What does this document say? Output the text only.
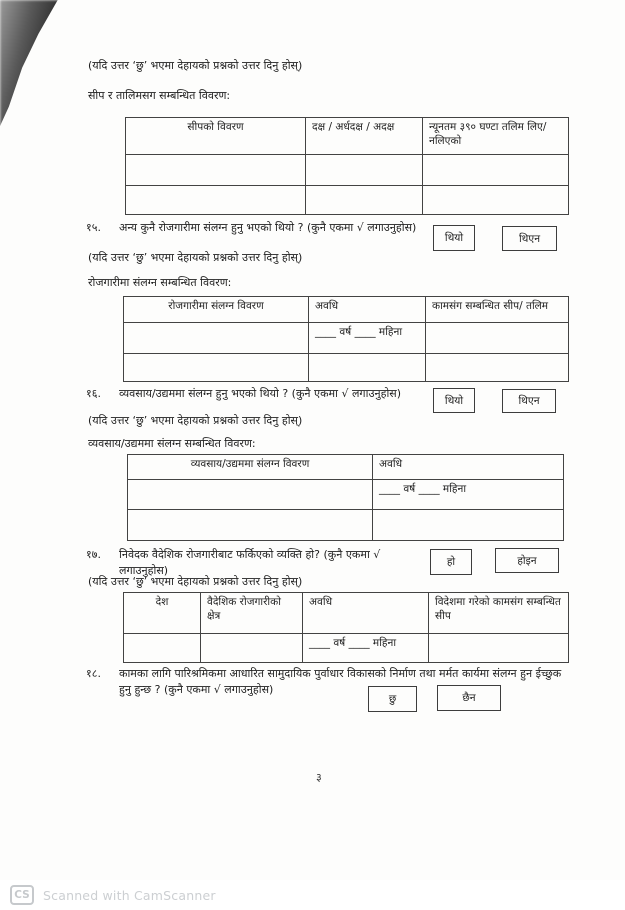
(यदि उत्तर ‘छु’ भएमा देहायको प्रश्नको उत्तर दिनु होस्)
सीप र तालिमसग सम्बन्धित विवरण:
सीपको विवरण	दक्ष / अर्धदक्ष / अदक्ष	न्यूनतम ३९० घण्टा तलिम लिए/नलिएको

१५.	अन्य कुनै रोजगारीमा संलग्न हुनु भएको थियो ? (कुनै एकमा √ लगाउनुहोस)
थियो	थिएन
(यदि उत्तर ‘छु’ भएमा देहायको प्रश्नको उत्तर दिनु होस्)
रोजगारीमा संलग्न सम्बन्धित विवरण:
रोजगारीमा संलग्न विवरण	अवधि	कामसंग सम्बन्धित सीप/ तलिम
	____ वर्ष ____ महिना	

१६.	व्यवसाय/उद्यममा संलग्न हुनु भएको थियो ? (कुनै एकमा √ लगाउनुहोस)
थियो	थिएन
(यदि उत्तर ‘छु’ भएमा देहायको प्रश्नको उत्तर दिनु होस्)
व्यवसाय/उद्यममा संलग्न सम्बन्धित विवरण:
व्यवसाय/उद्यममा संलग्न विवरण	अवधि
	____ वर्ष ____ महिना

१७.	निवेदक वैदेशिक रोजगारीबाट फर्किएको व्यक्ति हो? (कुनै एकमा √ लगाउनुहोस)
हो	होइन
(यदि उत्तर ‘छु’ भएमा देहायको प्रश्नको उत्तर दिनु होस्)
देश	वैदेशिक रोजगारीको क्षेत्र	अवधि	विदेशमा गरेको कामसंग सम्बन्धित सीप
		____ वर्ष ____ महिना	
१८.	कामका लागि पारिश्रमिकमा आधारित सामुदायिक पुर्वाधार विकासको निर्माण तथा मर्मत कार्यमा संलग्न हुन ईच्छुक
हुनु हुन्छ ? (कुनै एकमा √ लगाउनुहोस)
छु	छैन
३
CS	Scanned with CamScanner
